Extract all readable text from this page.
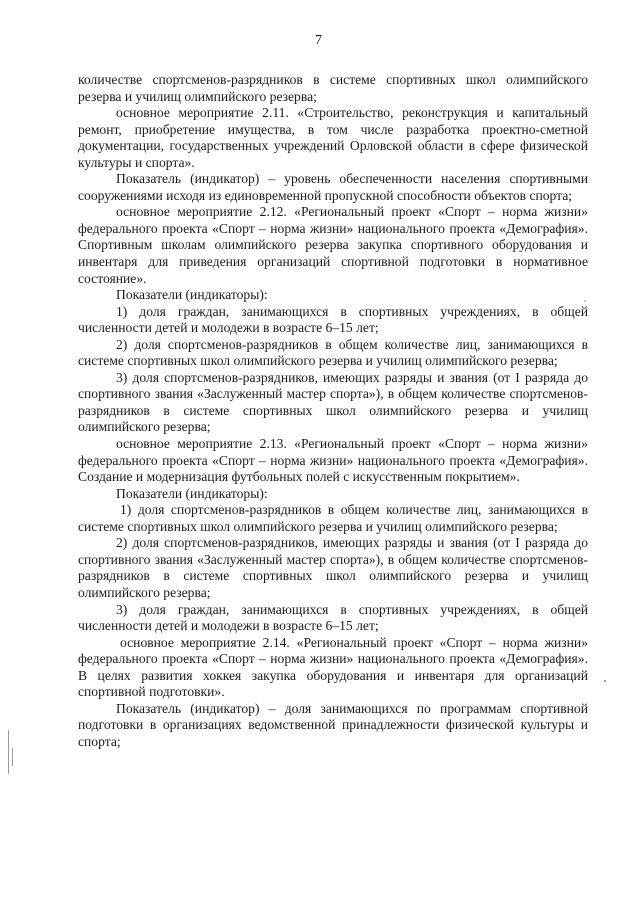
7

количестве спортсменов-разрядников в системе спортивных школ олимпийского резерва и училищ олимпийского резерва;

основное мероприятие 2.11. «Строительство, реконструкция и капитальный ремонт, приобретение имущества, в том числе разработка проектно-сметной документации, государственных учреждений Орловской области в сфере физической культуры и спорта».

Показатель (индикатор) – уровень обеспеченности населения спортивными сооружениями исходя из единовременной пропускной способности объектов спорта;

основное мероприятие 2.12. «Региональный проект «Спорт – норма жизни» федерального проекта «Спорт – норма жизни» национального проекта «Демография». Спортивным школам олимпийского резерва закупка спортивного оборудования и инвентаря для приведения организаций спортивной подготовки в нормативное состояние».

Показатели (индикаторы):

1) доля граждан, занимающихся в спортивных учреждениях, в общей численности детей и молодежи в возрасте 6–15 лет;

2) доля спортсменов-разрядников в общем количестве лиц, занимающихся в системе спортивных школ олимпийского резерва и училищ олимпийского резерва;

3) доля спортсменов-разрядников, имеющих разряды и звания (от I разряда до спортивного звания «Заслуженный мастер спорта»), в общем количестве спортсменов-разрядников в системе спортивных школ олимпийского резерва и училищ олимпийского резерва;

основное мероприятие 2.13. «Региональный проект «Спорт – норма жизни» федерального проекта «Спорт – норма жизни» национального проекта «Демография». Создание и модернизация футбольных полей с искусственным покрытием».

Показатели (индикаторы):

1) доля спортсменов-разрядников в общем количестве лиц, занимающихся в системе спортивных школ олимпийского резерва и училищ олимпийского резерва;

2) доля спортсменов-разрядников, имеющих разряды и звания (от I разряда до спортивного звания «Заслуженный мастер спорта»), в общем количестве спортсменов-разрядников в системе спортивных школ олимпийского резерва и училищ олимпийского резерва;

3) доля граждан, занимающихся в спортивных учреждениях, в общей численности детей и молодежи в возрасте 6–15 лет;

основное мероприятие 2.14. «Региональный проект «Спорт – норма жизни» федерального проекта «Спорт – норма жизни» национального проекта «Демография». В целях развития хоккея закупка оборудования и инвентаря для организаций спортивной подготовки».

Показатель (индикатор) – доля занимающихся по программам спортивной подготовки в организациях ведомственной принадлежности физической культуры и спорта;
